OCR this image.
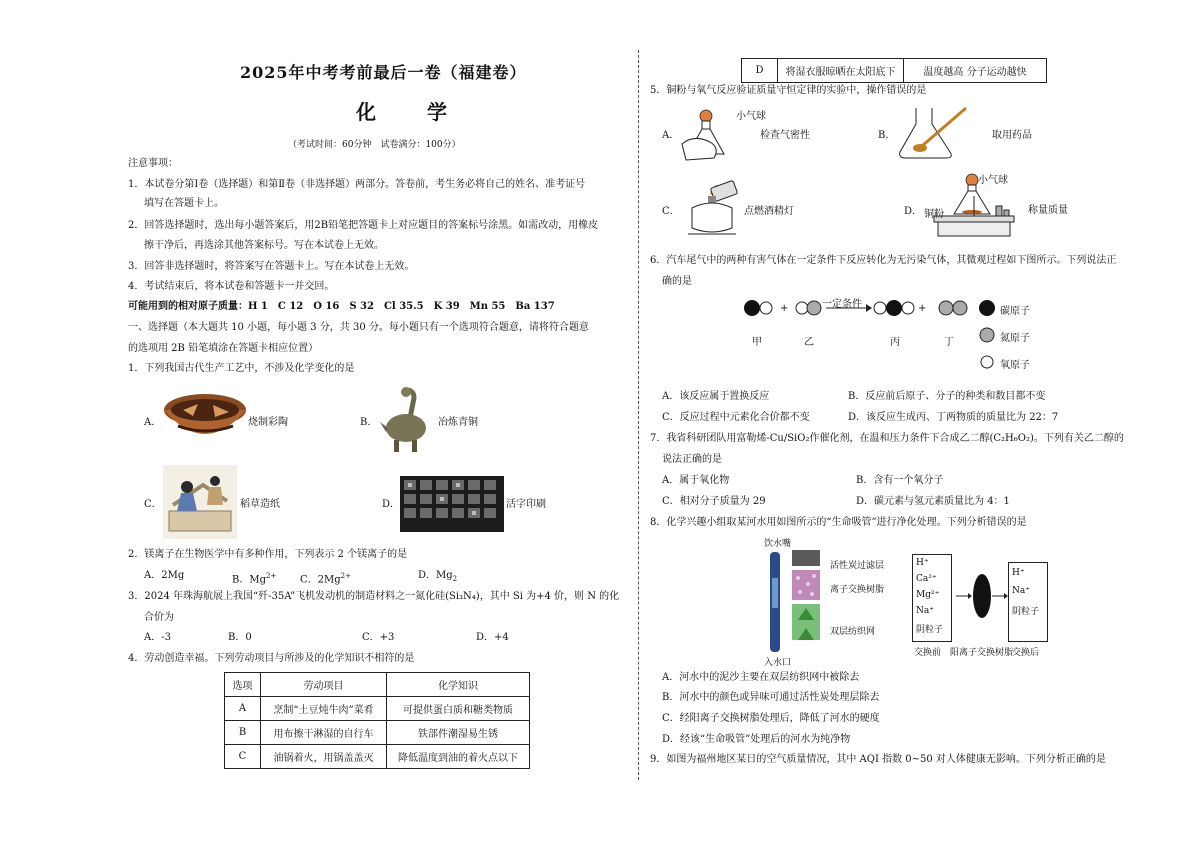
2025年中考考前最后一卷（福建卷）
化 学
（考试时间：60分钟　试卷满分：100分）
注意事项：
1．本试卷分第Ⅰ卷（选择题）和第Ⅱ卷（非选择题）两部分。答卷前，考生务必将自己的姓名、准考证号
填写在答题卡上。
2．回答选择题时，选出每小题答案后，用2B铅笔把答题卡上对应题目的答案标号涂黑。如需改动，用橡皮
擦干净后，再选涂其他答案标号。写在本试卷上无效。
3．回答非选择题时，将答案写在答题卡上。写在本试卷上无效。
4．考试结束后，将本试卷和答题卡一并交回。
可能用到的相对原子质量：H 1　C 12　O 16　S 32　Cl 35.5　K 39　Mn 55　Ba 137
一、选择题（本大题共 10 小题，每小题 3 分，共 30 分。每小题只有一个选项符合题意，请将符合题意
的选项用 2B 铅笔填涂在答题卡相应位置）
1．下列我国古代生产工艺中，不涉及化学变化的是
A．	烧制彩陶	B．	冶炼青铜
C．	稻草造纸	D．	活字印刷
2．镁离子在生物医学中有多种作用，下列表示 2 个镁离子的是
A．2Mg	B．$Mg^{2+}$ C．$2Mg^{2+}$	D．$Mg_2$
3．2024 年珠海航展上我国“歼-35A”飞机发动机的制造材料之一氮化硅(Si₃N₄)，其中 Si 为+4 价，则 N 的化
合价为
A．-3	B．0	C．+3	D．+4
4．劳动创造幸福。下列劳动项目与所涉及的化学知识不相符的是
选项	劳动项目	化学知识
A	烹制“土豆炖牛肉”菜肴	可提供蛋白质和糖类物质
B	用布擦干淋湿的自行车	铁部件潮湿易生锈
C	油锅着火，用锅盖盖灭	降低温度到油的着火点以下
D	将湿衣服晾晒在太阳底下	温度越高 分子运动越快
5．铜粉与氧气反应验证质量守恒定律的实验中，操作错误的是
A．
小气球
检查气密性	B．	取用药品
C．	点燃酒精灯	D．
小气球
铜粉	称量质量
6．汽车尾气中的两种有害气体在一定条件下反应转化为无污染气体，其微观过程如下图所示。下列说法正
确的是
+	+
一定条件
甲	乙	丙	丁
碳原子
氮原子
氧原子
A．该反应属于置换反应	B．反应前后原子、分子的种类和数目都不变
C．反应过程中元素化合价都不变	D．该反应生成丙、丁两物质的质量比为 22：7
7．我省科研团队用富勒烯-Cu/SiO₂作催化剂，在温和压力条件下合成乙二醇(C₂H₆O₂)。下列有关乙二醇的
说法正确的是
A．属于氧化物	B．含有一个氧分子
C．相对分子质量为 29	D．碳元素与氢元素质量比为 4：1
8．化学兴趣小组取某河水用如图所示的“生命吸管”进行净化处理。下列分析错误的是
饮水嘴
入水口
活性炭过滤层
离子交换树脂
双层纺织网
H⁺
Ca²⁺
Mg²⁺
Na⁺
阴粒子
H⁺
Na⁺
阴粒子
交换前 阳离子交换树脂
交换后
A．河水中的泥沙主要在双层纺织网中被除去
B．河水中的颜色或异味可通过活性炭处理层除去
C．经阳离子交换树脂处理后，降低了河水的硬度
D．经该“生命吸管”处理后的河水为纯净物
9．如图为福州地区某日的空气质量情况，其中 AQI 指数 0~50 对人体健康无影响。下列分析正确的是
